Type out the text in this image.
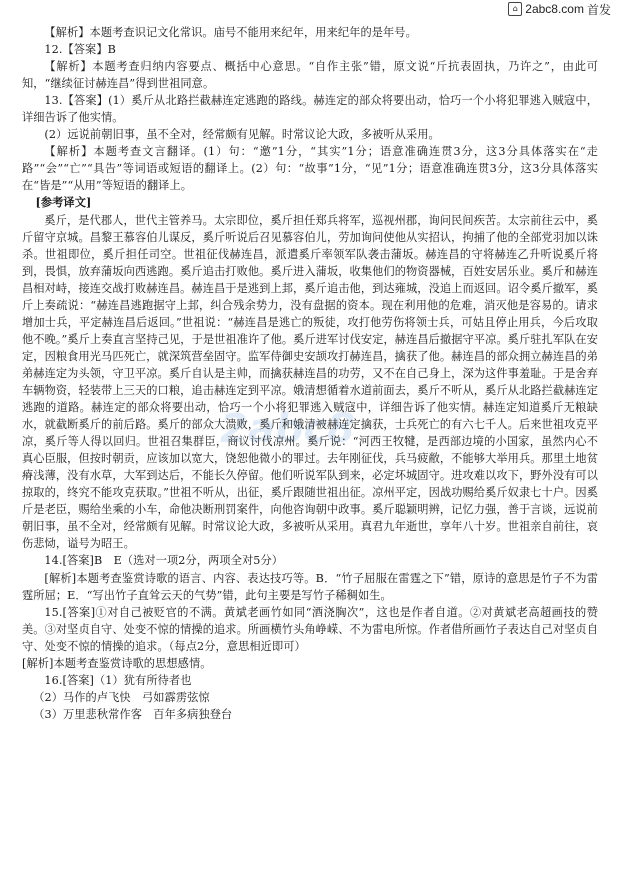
⌂ 2abc8.com 首发
2abc8

【解析】本题考查识记文化常识。庙号不能用来纪年，用来纪年的是年号。

12.【答案】B

【解析】本题考查归纳内容要点、概括中心意思。“自作主张”错，原文说“斤抗表固执，乃许之”，由此可知，“继续征讨赫连昌”得到世祖同意。

13.【答案】(1）奚斤从北路拦截赫连定逃跑的路线。赫连定的部众将要出动，恰巧一个小将犯罪逃入贼寇中，详细告诉了他实情。

(2）远说前朝旧事，虽不全对，经常颇有见解。时常议论大政，多被听从采用。

【解析】本题考查文言翻译。(1）句：“邀”1分，“其实”1分；语意准确连贯3分，这3分具体落实在“走路”“会”“亡”“具告”等词语或短语的翻译上。(2）句：“故事”1分，“见”1分；语意准确连贯3分，这3分具体落实在“皆是”“从用”等短语的翻译上。

[参考译文]

奚斤，是代郡人，世代主管养马。太宗即位，奚斤担任郑兵将军，巡视州郡，询问民间疾苦。太宗前往云中，奚斤留守京城。昌黎王慕容伯儿谋反，奚斤听说后召见慕容伯儿，劳加询问使他从实招认，拘捕了他的全部党羽加以诛杀。世祖即位，奚斤担任司空。世祖征伐赫连昌，派遣奚斤率领军队袭击蒲坂。赫连昌的守将赫连乙升听说奚斤将到，畏惧，放弃蒲坂向西逃跑。奚斤追击打败他。奚斤进入蒲坂，收集他们的物资器械，百姓安居乐业。奚斤和赫连昌相对峙，接连交战打败赫连昌。赫连昌于是逃到上邽，奚斤追击他，到达雍城，没追上而返回。诏令奚斤撤军，奚斤上奏疏说：“赫连昌逃跑据守上邽，纠合残余势力，没有盘据的资本。现在利用他的危难，消灭他是容易的。请求增加士兵，平定赫连昌后返回。”世祖说：“赫连昌是逃亡的叛徒，攻打他劳伤将领士兵，可姑且停止用兵，今后攻取他不晚。”奚斤上奏直言坚持己见，于是世祖准许了他。奚斤进军讨伐安定，赫连昌后撤据守平凉。奚斤驻扎军队在安定，因粮食用光马匹死亡，就深筑营垒固守。监军侍御史安颉攻打赫连昌，擒获了他。赫连昌的部众拥立赫连昌的弟弟赫连定为头领，守卫平凉。奚斤自认是主帅，而擒获赫连昌的功劳，又不在自己身上，深为这件事羞耻。于是舍弃车辆物资，轻装带上三天的口粮，追击赫连定到平凉。娥清想循着水道前面去，奚斤不听从，奚斤从北路拦截赫连定逃跑的道路。赫连定的部众将要出动，恰巧一个小将犯罪逃入贼寇中，详细告诉了他实情。赫连定知道奚斤无粮缺水，就截断奚斤的前后路。奚斤的部众大溃败，奚斤和娥清被赫连定擒获，士兵死亡的有六七千人。后来世祖攻克平凉，奚斤等人得以回归。世祖召集群臣，商议讨伐凉州。奚斤说：“河西王牧犍，是西部边境的小国家，虽然内心不真心臣服，但按时朝贡，应该加以宽大，饶恕他微小的罪过。去年刚征伐，兵马疲敝，不能够大举用兵。那里土地贫瘠浅薄，没有水草，大军到达后，不能长久停留。他们听说军队到来，必定坏城固守。进攻难以攻下，野外没有可以掠取的，终究不能攻克获取。”世祖不听从，出征，奚斤跟随世祖出征。凉州平定，因战功赐给奚斤奴隶七十户。因奚斤是老臣，赐给坐乘的小车，命他决断刑罚案件，向他咨询朝中政事。奚斤聪颖明辨，记忆力强，善于言谈，远说前朝旧事，虽不全对，经常颇有见解。时常议论大政，多被听从采用。真君九年逝世，享年八十岁。世祖亲自前往，哀伤悲恸，谥号为昭王。

14.[答案]B　E（选对一项2分，两项全对5分）

[解析]本题考查鉴赏诗歌的语言、内容、表达技巧等。B．“竹子屈服在雷霆之下”错，原诗的意思是竹子不为雷霆所屈；E．“写出竹子直耸云天的气势”错，此句主要是写竹子稀稠如生。

15.[答案]①对自己被贬官的不满。黄斌老画竹如同“酒浇胸次”，这也是作者自道。②对黄斌老高超画技的赞美。③对坚贞自守、处变不惊的情操的追求。所画横竹头角峥嵘、不为雷电所惊。作者借所画竹子表达自己对坚贞自守、处变不惊的情操的追求。（每点2分，意思相近即可）

[解析]本题考查鉴赏诗歌的思想感情。

16.[答案]（1）犹有所待者也

（2）马作的卢飞快　弓如霹雳弦惊

（3）万里悲秋常作客　百年多病独登台
